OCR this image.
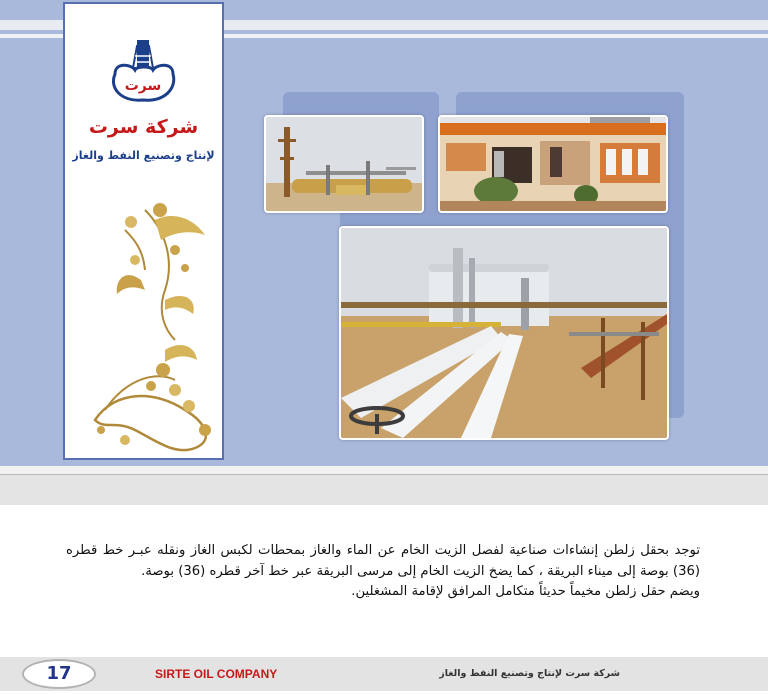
سرت
شركة سرت
لإنتاج وتصنيع النفط والغاز

توجد بحقل زلطن إنشاءات صناعية لفصل الزيت الخام عن الماء والغاز بمحطات لكبس الغاز ونقله عبـر خط قطره (36) بوصة إلى ميناء البريقة ، كما يضخ الزيت الخام إلى مرسى البريقة عبر خط آخر قطره (36) بوصة.

ويضم حقل زلطن مخيماً حديثاً متكامل المرافق لإقامة المشغلين.

17	SIRTE OIL COMPANY	شركة سرت لإنتاج وتصنيع النفط والغاز
